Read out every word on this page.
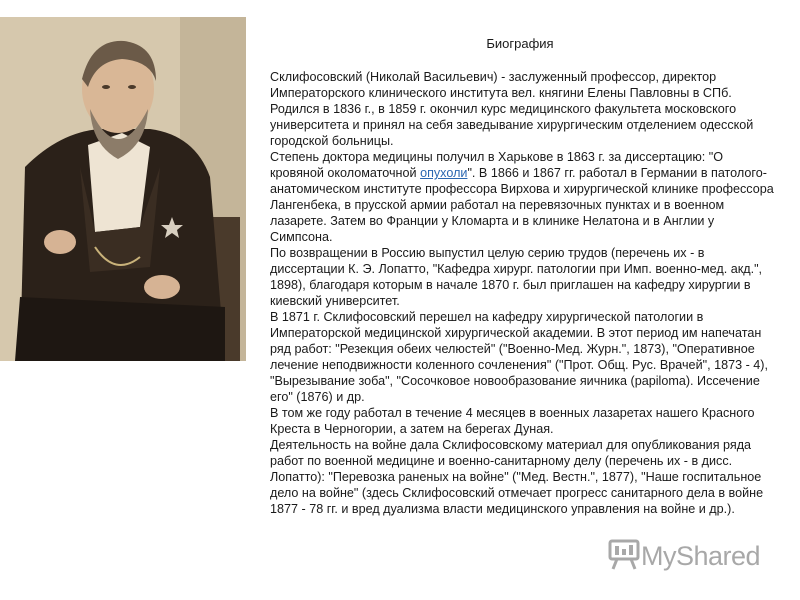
Биография

Склифосовский (Николай Васильевич) - заслуженный профессор, директор Императорского клинического института вел. княгини Елены Павловны в СПб. Родился в 1836 г., в 1859 г. окончил курс медицинского факультета московского университета и принял на себя заведывание хирургическим отделением одесской городской больницы.

Степень доктора медицины получил в Харькове в 1863 г. за диссертацию: "О кровяной околоматочной опухоли". В 1866 и 1867 гг. работал в Германии в патолого-анатомическом институте профессора Вирхова и хирургической клинике профессора Лангенбека, в прусской армии работал на перевязочных пунктах и в военном лазарете. Затем во Франции у Кломарта и в клинике Нелатона и в Англии у Симпсона.

По возвращении в Россию выпустил целую серию трудов (перечень их - в диссертации К. Э. Лопатто, "Кафедра хирург. патологии при Имп. военно-мед. акд.", 1898), благодаря которым в начале 1870 г. был приглашен на кафедру хирургии в киевский университет.

В 1871 г. Склифосовский перешел на кафедру хирургической патологии в Императорской медицинской хирургической академии. В этот период им напечатан ряд работ: "Резекция обеих челюстей" ("Военно-Мед. Журн.", 1873), "Оперативное лечение неподвижности коленного сочленения" ("Прот. Общ. Рус. Врачей", 1873 - 4), "Вырезывание зоба", "Сосочковое новообразование яичника (papiloma). Иссечение его" (1876) и др.

В том же году работал в течение 4 месяцев в военных лазаретах нашего Красного Креста в Черногории, а затем на берегах Дуная.

Деятельность на войне дала Склифосовскому материал для опубликования ряда работ по военной медицине и военно-санитарному делу (перечень их - в дисс. Лопатто): "Перевозка раненых на войне" ("Мед. Вестн.", 1877), "Наше госпитальное дело на войне" (здесь Склифосовский отмечает прогресс санитарного дела в войне 1877 - 78 гг. и вред дуализма власти медицинского управления на войне и др.).

MyShared
